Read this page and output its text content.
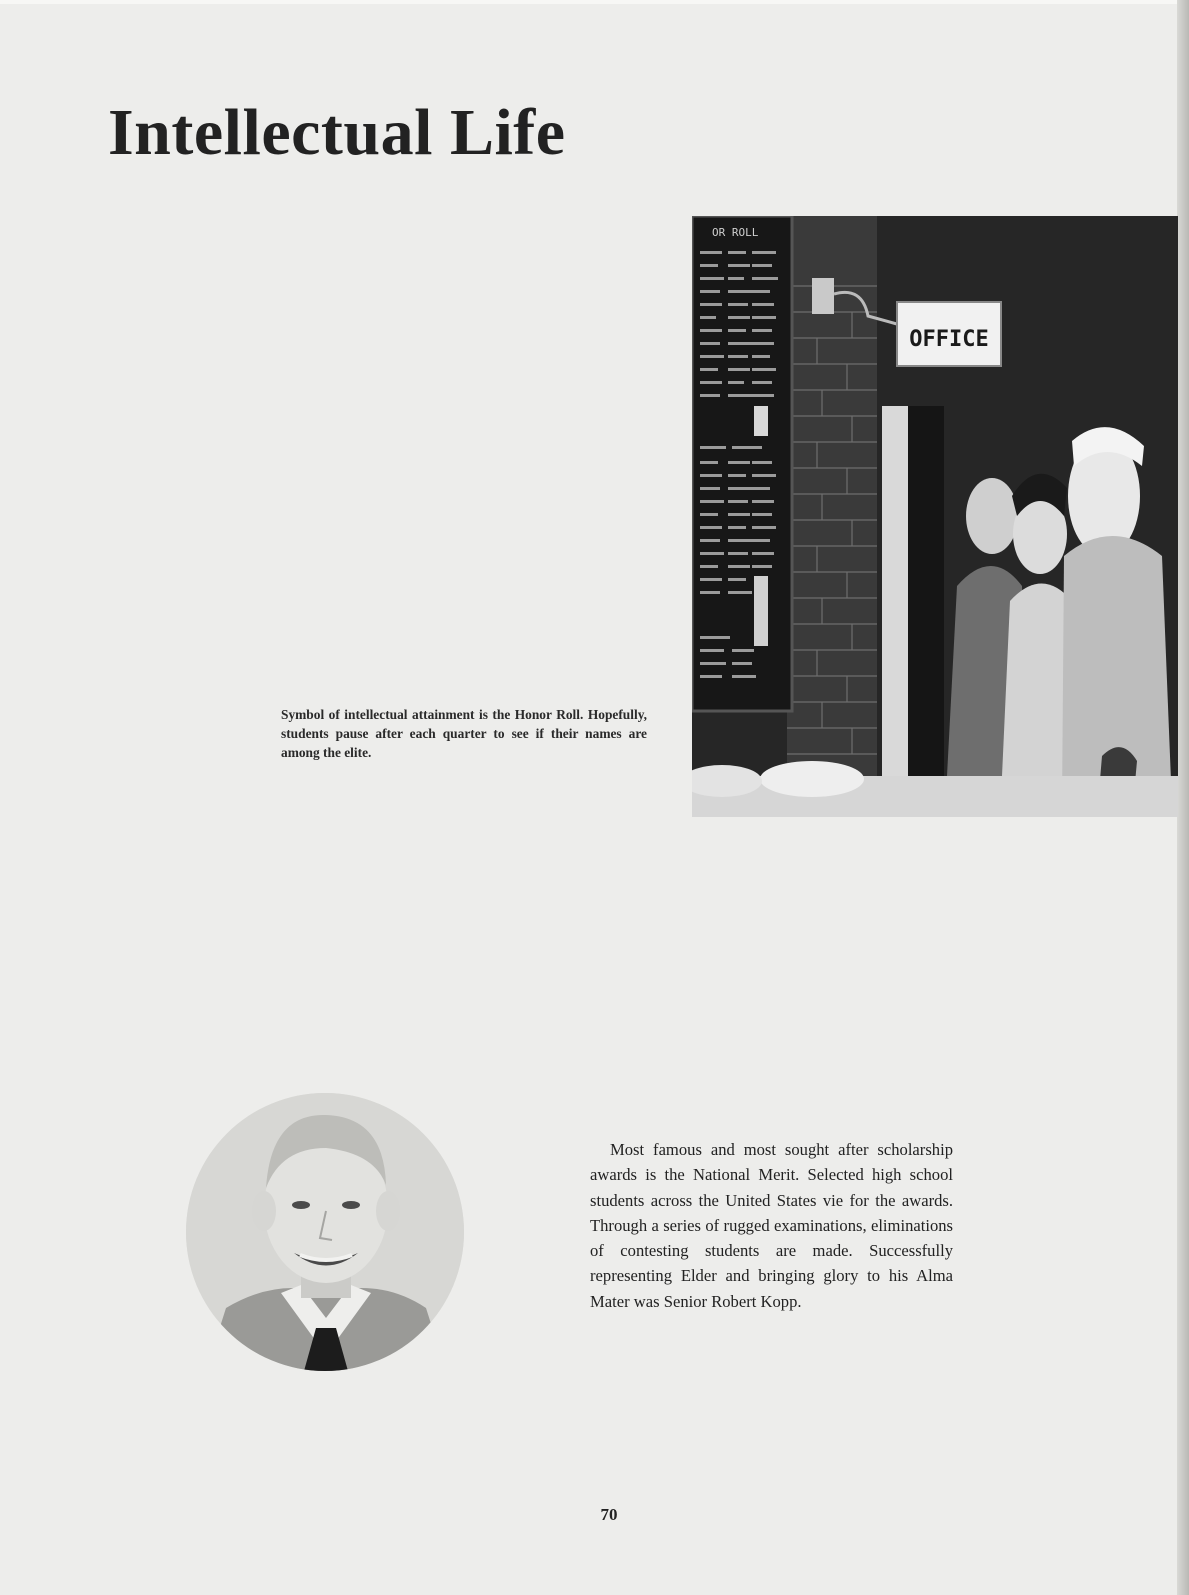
Intellectual Life
OR ROLL
OFFICE
Symbol of intellectual attainment is the Honor Roll. Hopefully, students pause after each quarter to see if their names are among the elite.

Most famous and most sought after scholarship awards is the National Merit. Selected high school students across the United States vie for the awards. Through a series of rugged examinations, eliminations of contesting students are made. Successfully representing Elder and bringing glory to his Alma Mater was Senior Robert Kopp.

70
